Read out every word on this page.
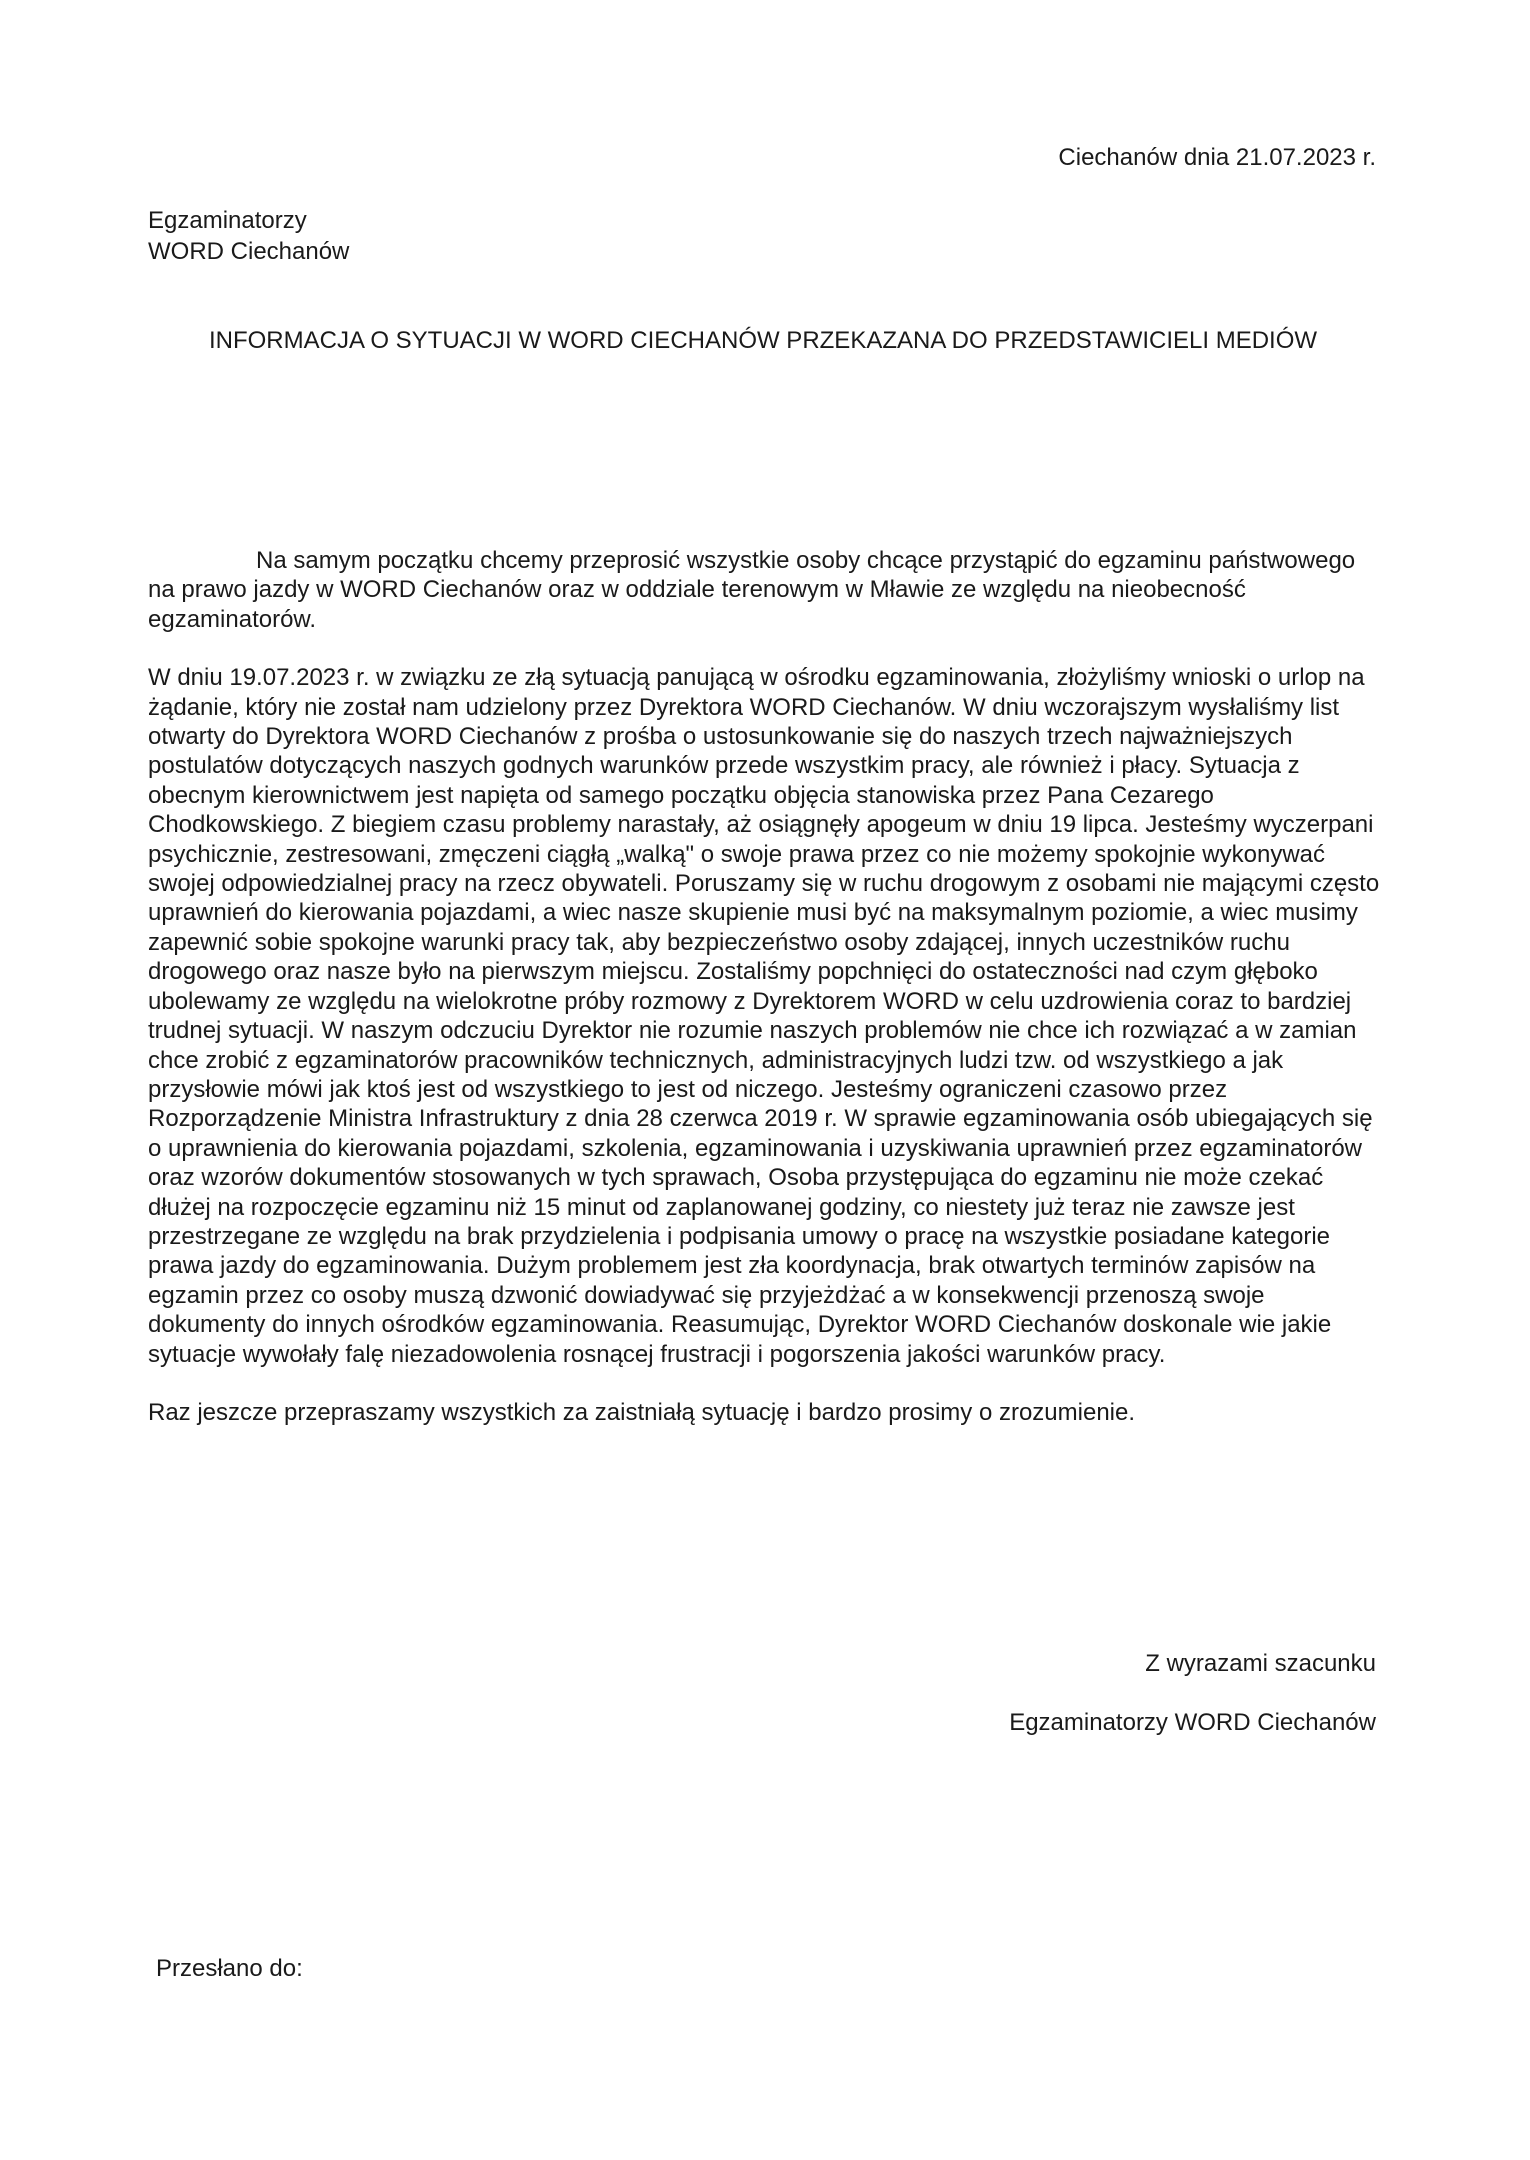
Ciechanów dnia 21.07.2023 r.
Egzaminatorzy
WORD Ciechanów
INFORMACJA O SYTUACJI W WORD CIECHANÓW PRZEKAZANA DO PRZEDSTAWICIELI MEDIÓW

Na samym początku chcemy przeprosić wszystkie osoby chcące przystąpić do egzaminu państwowego na prawo jazdy w WORD Ciechanów oraz w oddziale terenowym w Mławie ze względu na nieobecność egzaminatorów.

W dniu 19.07.2023 r. w związku ze złą sytuacją panującą w ośrodku egzaminowania, złożyliśmy wnioski o urlop na żądanie, który nie został nam udzielony przez Dyrektora WORD Ciechanów. W dniu wczorajszym wysłaliśmy list otwarty do Dyrektora WORD Ciechanów z prośba o ustosunkowanie się do naszych trzech najważniejszych postulatów dotyczących naszych godnych warunków przede wszystkim pracy, ale również i płacy. Sytuacja z obecnym kierownictwem jest napięta od samego początku objęcia stanowiska przez Pana Cezarego Chodkowskiego. Z biegiem czasu problemy narastały, aż osiągnęły apogeum w dniu 19 lipca. Jesteśmy wyczerpani psychicznie, zestresowani, zmęczeni ciągłą „walką" o swoje prawa przez co nie możemy spokojnie wykonywać swojej odpowiedzialnej pracy na rzecz obywateli. Poruszamy się w ruchu drogowym z osobami nie mającymi często uprawnień do kierowania pojazdami, a wiec nasze skupienie musi być na maksymalnym poziomie, a wiec musimy zapewnić sobie spokojne warunki pracy tak, aby bezpieczeństwo osoby zdającej, innych uczestników ruchu drogowego oraz nasze było na pierwszym miejscu. Zostaliśmy popchnięci do ostateczności nad czym głęboko ubolewamy ze względu na wielokrotne próby rozmowy z Dyrektorem WORD w celu uzdrowienia coraz to bardziej trudnej sytuacji. W naszym odczuciu Dyrektor nie rozumie naszych problemów nie chce ich rozwiązać a w zamian chce zrobić z egzaminatorów pracowników technicznych, administracyjnych ludzi tzw. od wszystkiego a jak przysłowie mówi jak ktoś jest od wszystkiego to jest od niczego. Jesteśmy ograniczeni czasowo przez Rozporządzenie Ministra Infrastruktury z dnia 28 czerwca 2019 r. W sprawie egzaminowania osób ubiegających się o uprawnienia do kierowania pojazdami, szkolenia, egzaminowania i uzyskiwania uprawnień przez egzaminatorów oraz wzorów dokumentów stosowanych w tych sprawach, Osoba przystępująca do egzaminu nie może czekać dłużej na rozpoczęcie egzaminu niż 15 minut od zaplanowanej godziny, co niestety już teraz nie zawsze jest przestrzegane ze względu na brak przydzielenia i podpisania umowy o pracę na wszystkie posiadane kategorie prawa jazdy do egzaminowania. Dużym problemem jest zła koordynacja, brak otwartych terminów zapisów na egzamin przez co osoby muszą dzwonić dowiadywać się przyjeżdżać a w konsekwencji przenoszą swoje dokumenty do innych ośrodków egzaminowania. Reasumując, Dyrektor WORD Ciechanów doskonale wie jakie sytuacje wywołały falę niezadowolenia rosnącej frustracji i pogorszenia jakości warunków pracy.

Raz jeszcze przepraszamy wszystkich za zaistniałą sytuację i bardzo prosimy o zrozumienie.

Z wyrazami szacunku
Egzaminatorzy WORD Ciechanów
Przesłano do:
